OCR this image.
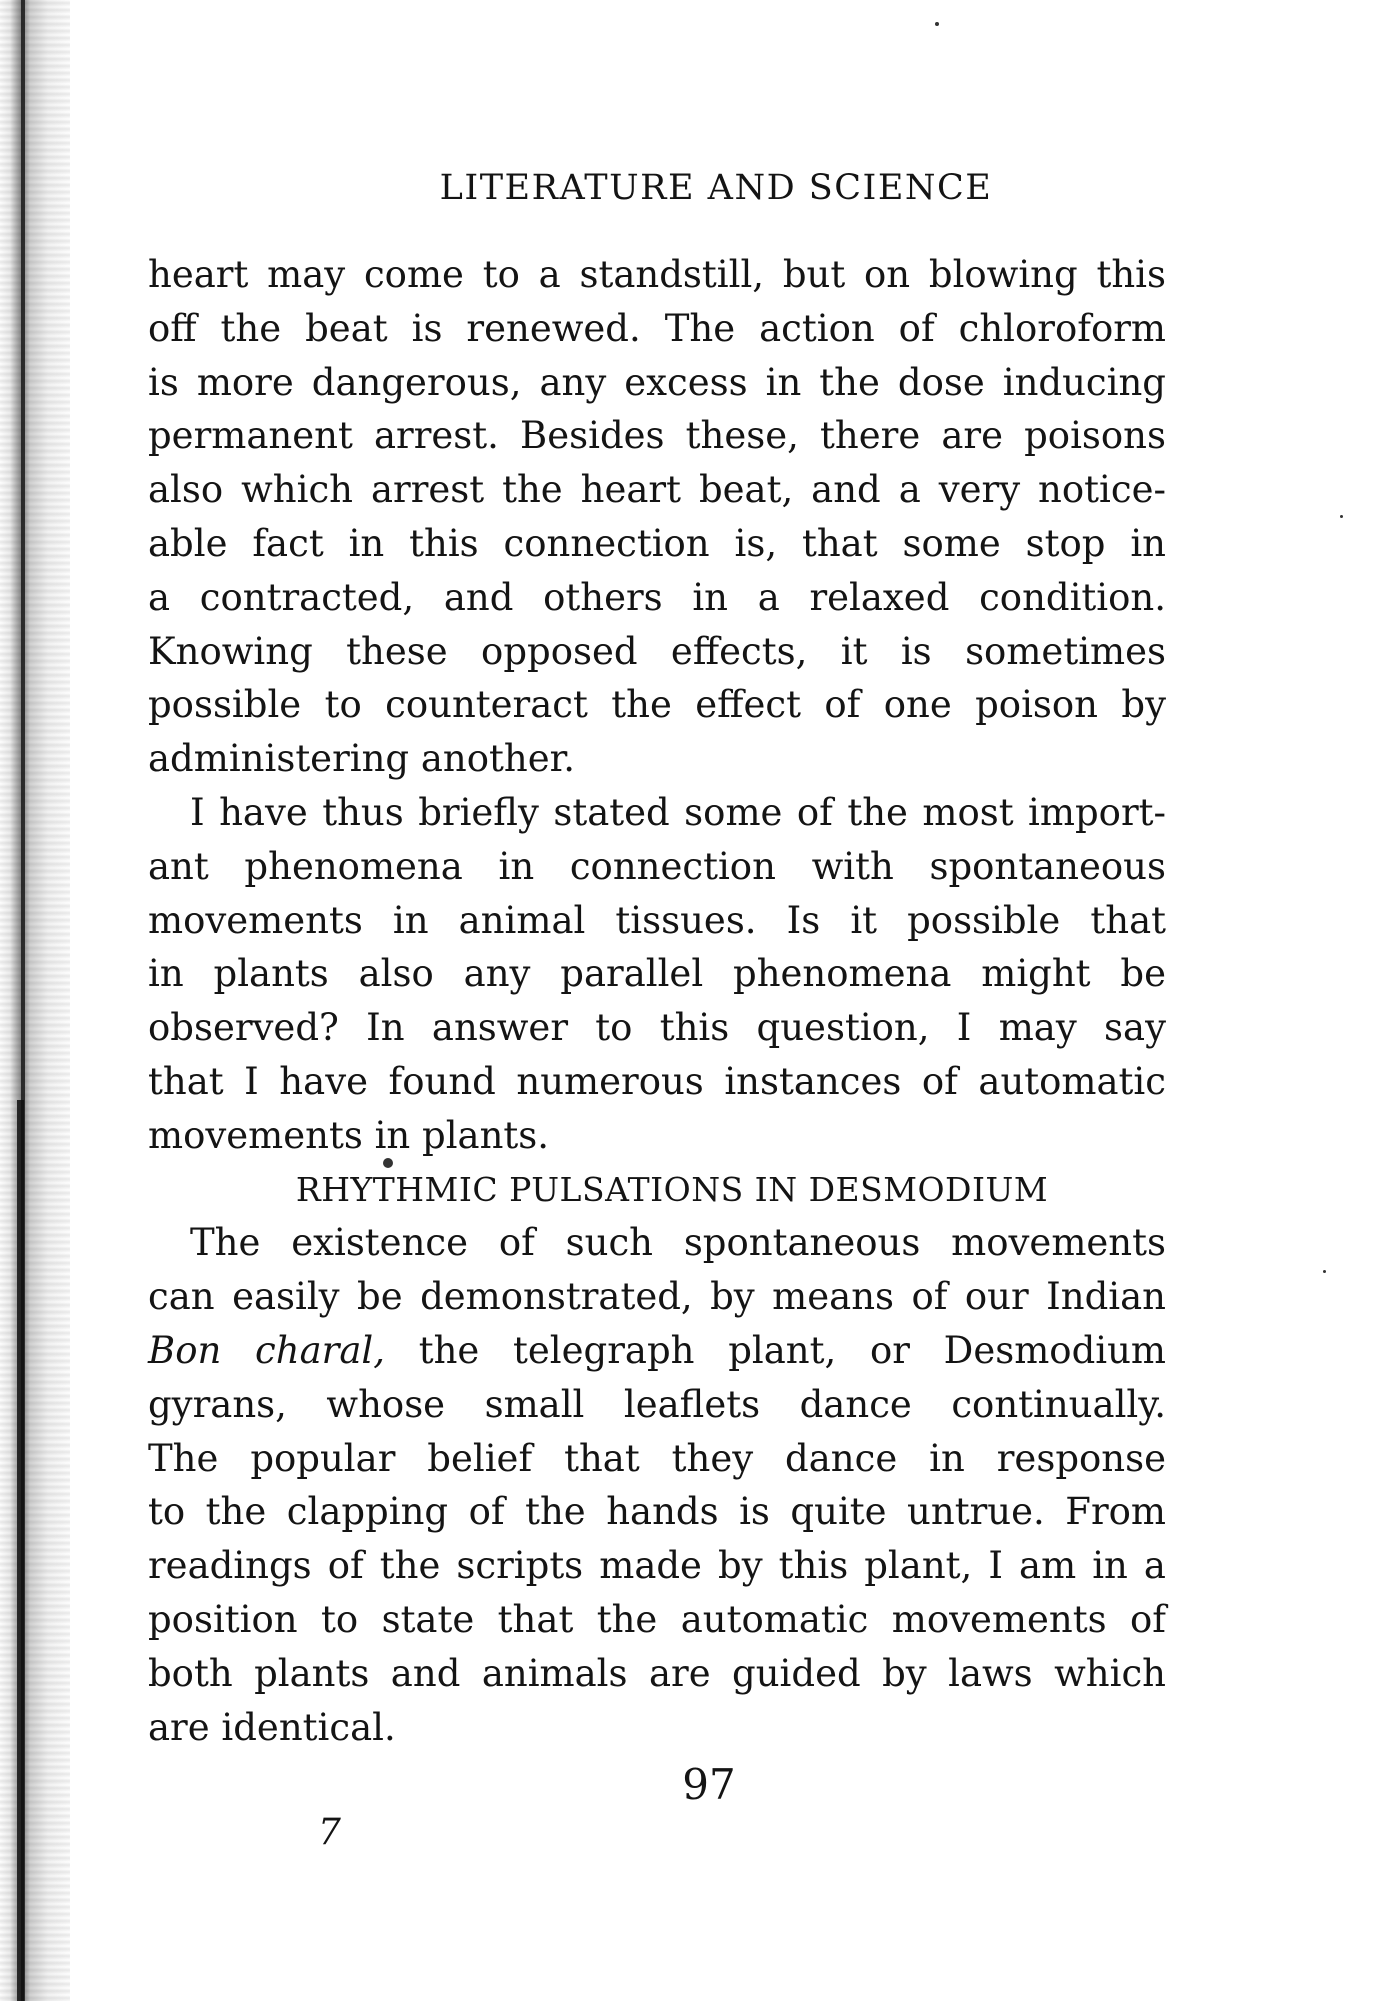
LITERATURE AND SCIENCE
heart may come to a standstill, but on blowing this
off the beat is renewed. The action of chloroform
is more dangerous, any excess in the dose inducing
permanent arrest. Besides these, there are poisons
also which arrest the heart beat, and a very notice-
able fact in this connection is, that some stop in
a contracted, and others in a relaxed condition.
Knowing these opposed effects, it is sometimes
possible to counteract the effect of one poison by
administering another.
I have thus briefly stated some of the most import-
ant phenomena in connection with spontaneous
movements in animal tissues. Is it possible that
in plants also any parallel phenomena might be
observed? In answer to this question, I may say
that I have found numerous instances of automatic
movements in plants.
RHYTHMIC PULSATIONS IN DESMODIUM
The existence of such spontaneous movements
can easily be demonstrated, by means of our Indian
Bon charal, the telegraph plant, or Desmodium
gyrans, whose small leaflets dance continually.
The popular belief that they dance in response
to the clapping of the hands is quite untrue. From
readings of the scripts made by this plant, I am in a
position to state that the automatic movements of
both plants and animals are guided by laws which
are identical.
97
7
